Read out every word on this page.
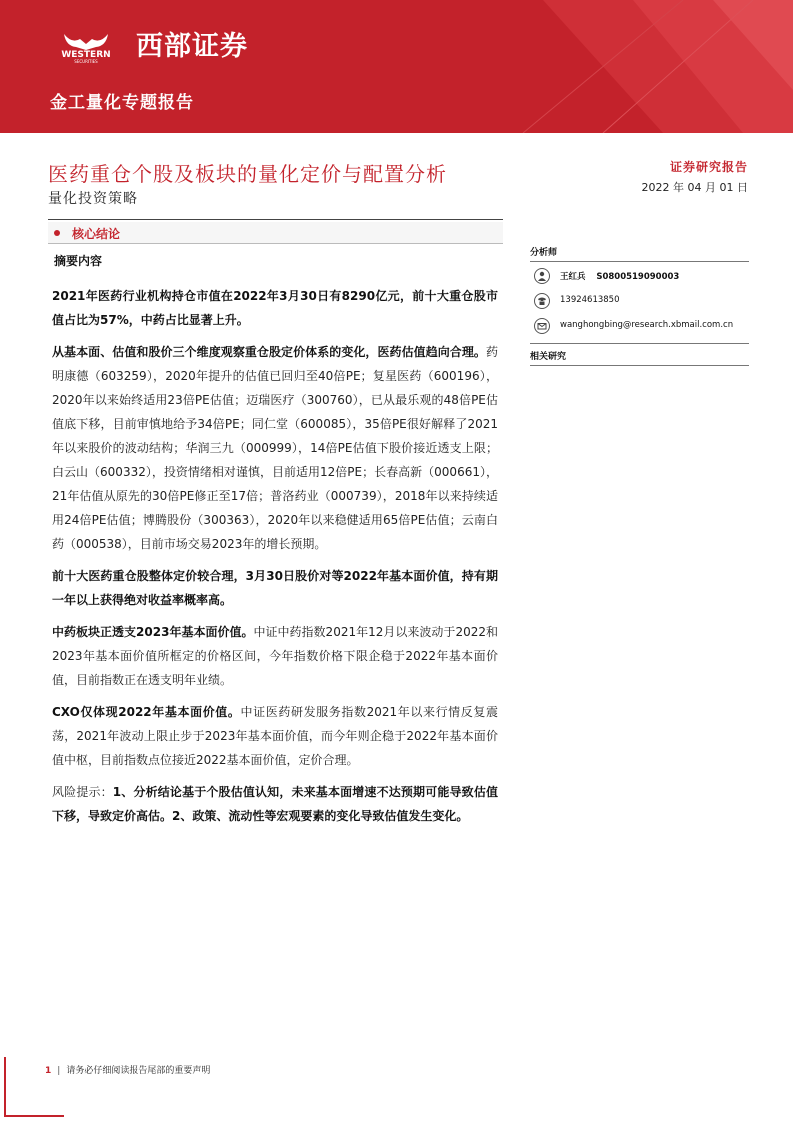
WESTERN
SECURITIES 西部证券
金工量化专题报告
医药重仓个股及板块的量化定价与配置分析
量化投资策略
证券研究报告
2022 年 04 月 01 日
核心结论
摘要内容

2021年医药行业机构持仓市值在2022年3月30日有8290亿元，前十大重仓股市值占比为57%，中药占比显著上升。

从基本面、估值和股价三个维度观察重仓股定价体系的变化，医药估值趋向合理。药明康德（603259），2020年提升的估值已回归至40倍PE；复星医药（600196），2020年以来始终适用23倍PE估值；迈瑞医疗（300760），已从最乐观的48倍PE估值底下移，目前审慎地给予34倍PE；同仁堂（600085），35倍PE很好解释了2021年以来股价的波动结构；华润三九（000999），14倍PE估值下股价接近透支上限；白云山（600332），投资情绪相对谨慎，目前适用12倍PE；长春高新（000661），21年估值从原先的30倍PE修正至17倍；普洛药业（000739），2018年以来持续适用24倍PE估值；博腾股份（300363），2020年以来稳健适用65倍PE估值；云南白药（000538），目前市场交易2023年的增长预期。

前十大医药重仓股整体定价较合理，3月30日股价对等2022年基本面价值，持有期一年以上获得绝对收益率概率高。

中药板块正透支2023年基本面价值。中证中药指数2021年12月以来波动于2022和2023年基本面价值所框定的价格区间，今年指数价格下限企稳于2022年基本面价值，目前指数正在透支明年业绩。

CXO仅体现2022年基本面价值。中证医药研发服务指数2021年以来行情反复震荡，2021年波动上限止步于2023年基本面价值，而今年则企稳于2022年基本面价值中枢，目前指数点位接近2022基本面价值，定价合理。

风险提示：1、分析结论基于个股估值认知，未来基本面增速不达预期可能导致估值下移，导致定价高估。2、政策、流动性等宏观要素的变化导致估值发生变化。

分析师
王红兵 S0800519090003
13924613850
wanghongbing@research.xbmail.com.cn
相关研究
1 | 请务必仔细阅读报告尾部的重要声明
